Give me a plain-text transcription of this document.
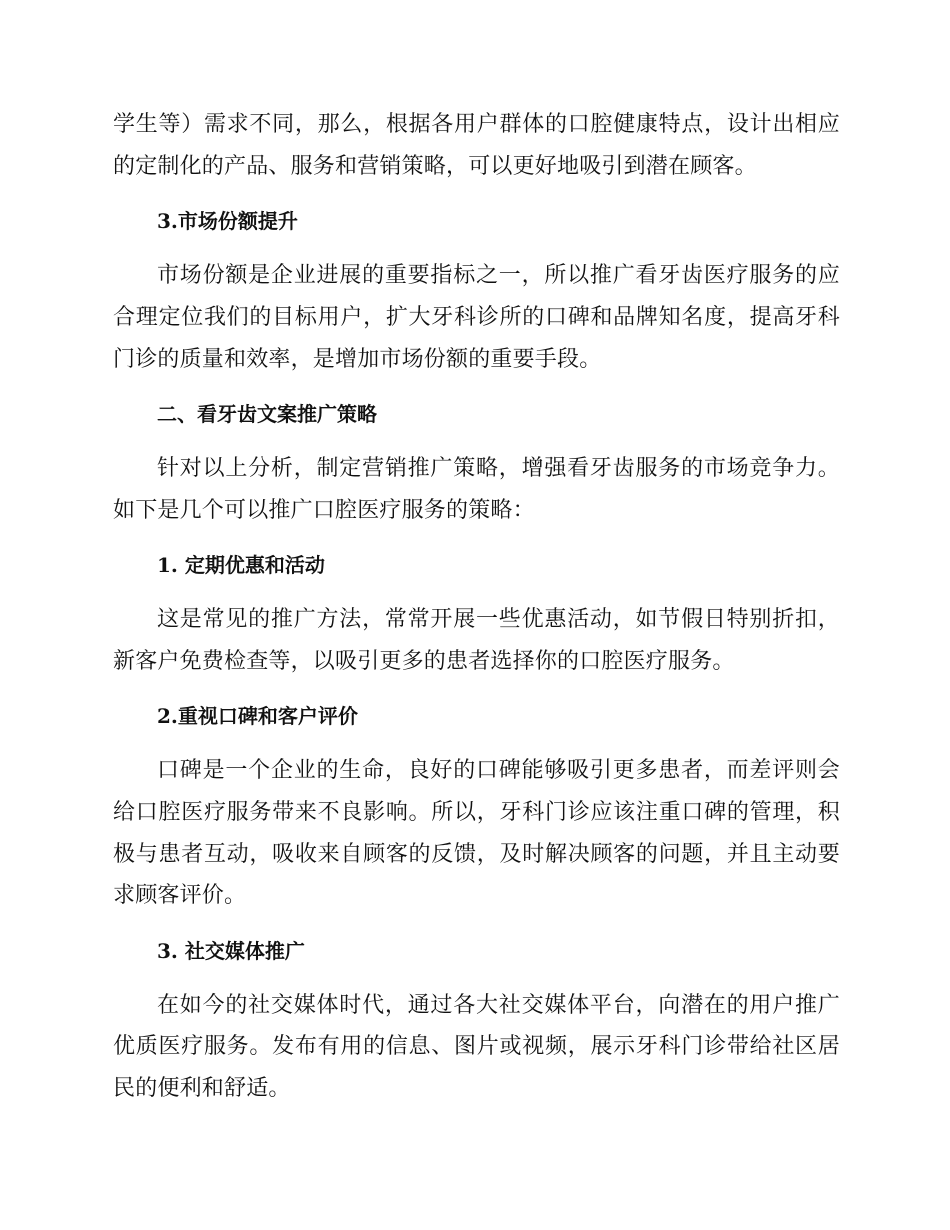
学生等）需求不同，那么，根据各用户群体的口腔健康特点，设计出相应的定制化的产品、服务和营销策略，可以更好地吸引到潜在顾客。

3.市场份额提升

市场份额是企业进展的重要指标之一，所以推广看牙齿医疗服务的应合理定位我们的目标用户，扩大牙科诊所的口碑和品牌知名度，提高牙科门诊的质量和效率，是增加市场份额的重要手段。

二、看牙齿文案推广策略

针对以上分析，制定营销推广策略，增强看牙齿服务的市场竞争力。如下是几个可以推广口腔医疗服务的策略：

1. 定期优惠和活动

这是常见的推广方法，常常开展一些优惠活动，如节假日特别折扣，新客户免费检查等，以吸引更多的患者选择你的口腔医疗服务。

2.重视口碑和客户评价

口碑是一个企业的生命，良好的口碑能够吸引更多患者，而差评则会给口腔医疗服务带来不良影响。所以，牙科门诊应该注重口碑的管理，积极与患者互动，吸收来自顾客的反馈，及时解决顾客的问题，并且主动要求顾客评价。

3. 社交媒体推广

在如今的社交媒体时代，通过各大社交媒体平台，向潜在的用户推广优质医疗服务。发布有用的信息、图片或视频，展示牙科门诊带给社区居民的便利和舒适。
